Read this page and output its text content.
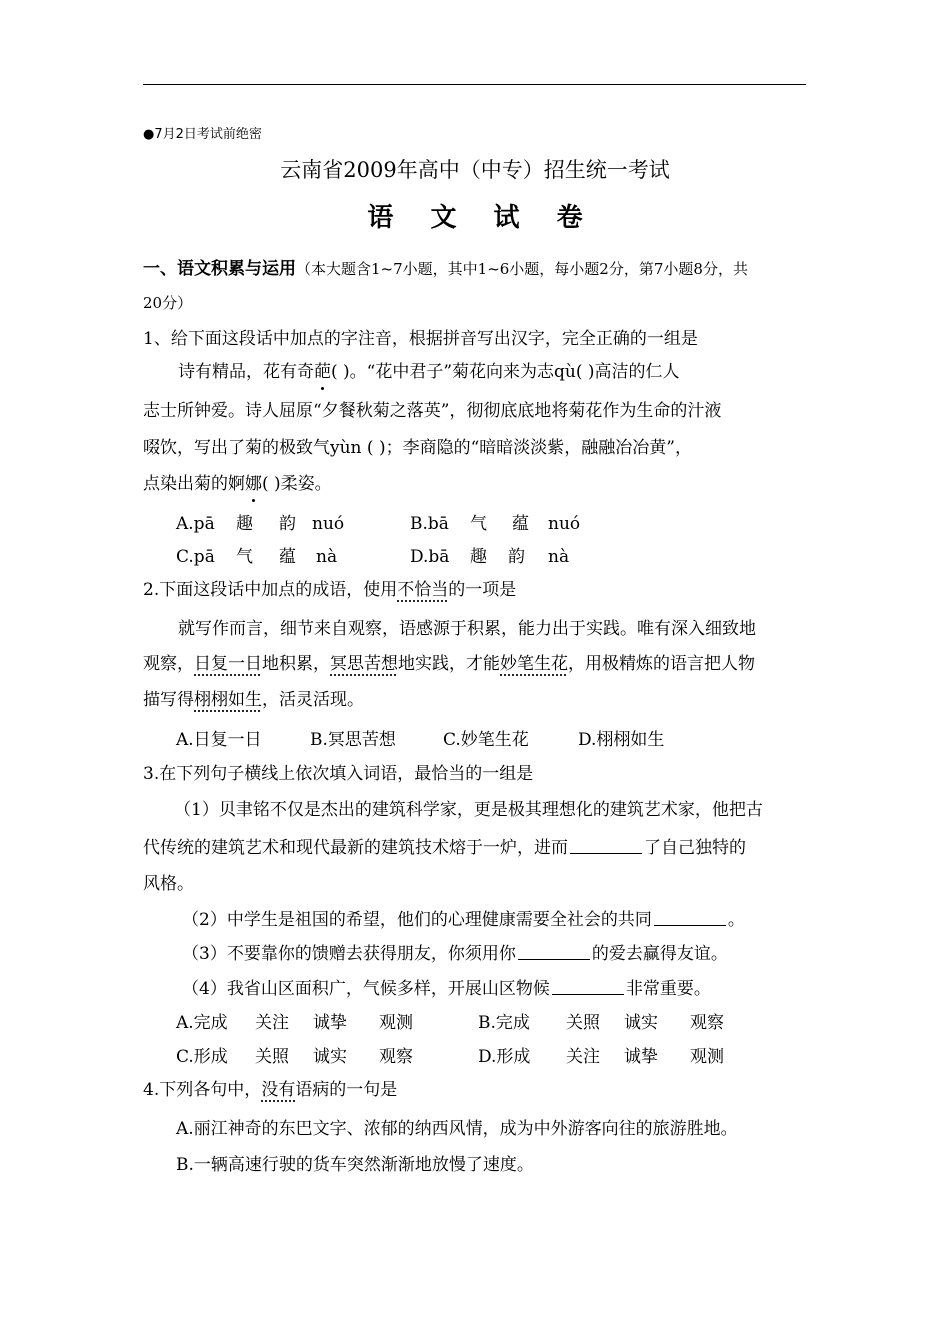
●7月2日考试前绝密
云南省2009年高中（中专）招生统一考试
语 文 试 卷
一、语文积累与运用（本大题含1~7小题，其中1~6小题，每小题2分，第7小题8分，共
20分）
1、给下面这段话中加点的字注音，根据拼音写出汉字，完全正确的一组是
诗有精品，花有奇葩( )。“花中君子”菊花向来为志qù( )高洁的仁人
志士所钟爱。诗人屈原“夕餐秋菊之落英”，彻彻底底地将菊花作为生命的汁液
啜饮，写出了菊的极致气yùn ( )；李商隐的“暗暗淡淡紫，融融冶冶黄”，
点染出菊的婀娜( )柔姿。
A.pā 趣 韵 nuó	B.bā 气 蕴 nuó
C.pā 气 蕴 nà	D.bā 趣 韵 nà
2.下面这段话中加点的成语，使用不恰当的一项是
就写作而言，细节来自观察，语感源于积累，能力出于实践。唯有深入细致地
观察，日复一日地积累，冥思苦想地实践，才能妙笔生花，用极精炼的语言把人物
描写得栩栩如生，活灵活现。
A.日复一日	B.冥思苦想	C.妙笔生花	D.栩栩如生
3.在下列句子横线上依次填入词语，最恰当的一组是
（1）贝聿铭不仅是杰出的建筑科学家，更是极其理想化的建筑艺术家，他把古
代传统的建筑艺术和现代最新的建筑技术熔于一炉，进而	了自己独特的
风格。
（2）中学生是祖国的希望，他们的心理健康需要全社会的共同	。
（3）不要靠你的馈赠去获得朋友，你须用你	的爱去赢得友谊。
（4）我省山区面积广，气候多样，开展山区物候	非常重要。
A.完成 关注 诚挚 观测	B.完成 关照 诚实 观察
C.形成 关照 诚实 观察	D.形成 关注 诚挚 观测
4.下列各句中，没有语病的一句是
A.丽江神奇的东巴文字、浓郁的纳西风情，成为中外游客向往的旅游胜地。
B.一辆高速行驶的货车突然渐渐地放慢了速度。
